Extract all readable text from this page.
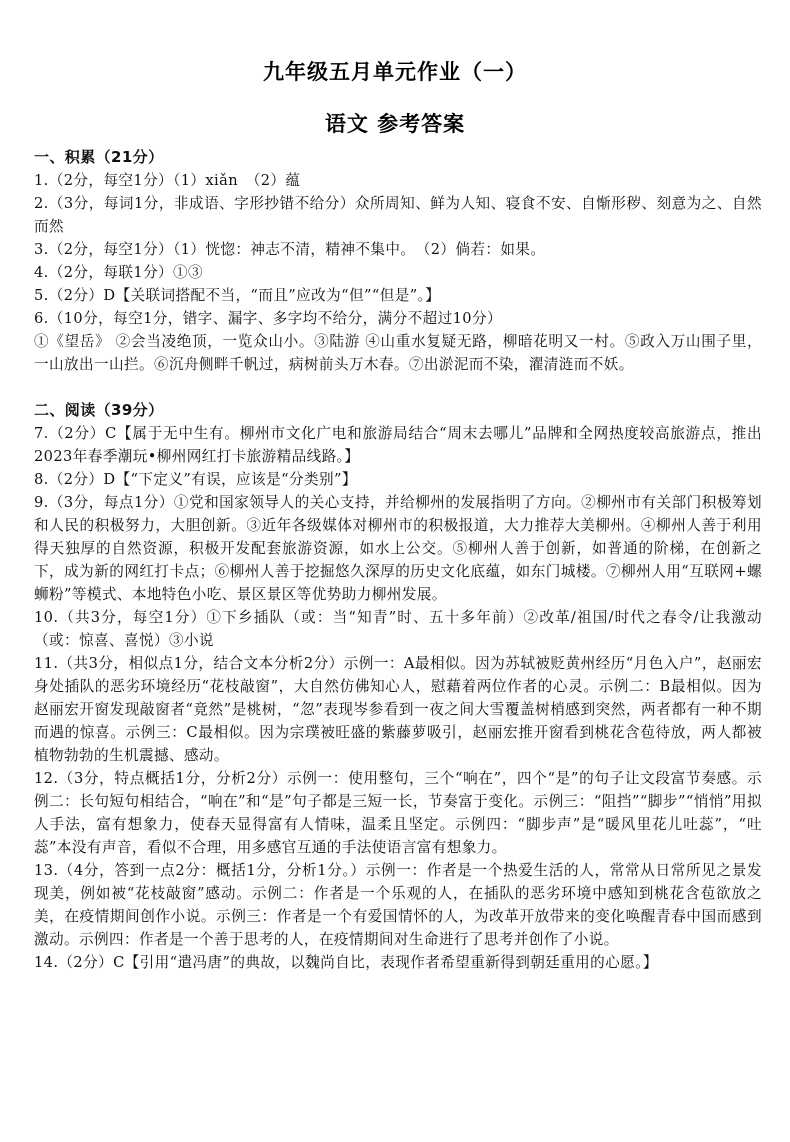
九年级五月单元作业（一）
语文 参考答案

一、积累（21分）

1.（2分，每空1分）（1）xiǎn　（2）蕴

2.（3分，每词1分，非成语、字形抄错不给分）众所周知、鲜为人知、寝食不安、自惭形秽、刻意为之、自然而然

3.（2分，每空1分）（1）恍惚：神志不清，精神不集中。　（2）倘若：如果。

4.（2分，每联1分）①③

5.（2分）D【关联词搭配不当，“而且”应改为“但”“但是”。】

6.（10分，每空1分，错字、漏字、多字均不给分，满分不超过10分）

①《望岳》 ②会当凌绝顶，一览众山小。③陆游 ④山重水复疑无路，柳暗花明又一村。⑤政入万山围子里，一山放出一山拦。⑥沉舟侧畔千帆过，病树前头万木春。⑦出淤泥而不染，濯清涟而不妖。

二、阅读（39分）

7.（2分）C【属于无中生有。柳州市文化广电和旅游局结合“周末去哪儿”品牌和全网热度较高旅游点，推出2023年春季潮玩•柳州网红打卡旅游精品线路。】

8.（2分）D【“下定义”有误，应该是“分类别”】

9.（3分，每点1分）①党和国家领导人的关心支持，并给柳州的发展指明了方向。②柳州市有关部门积极筹划和人民的积极努力，大胆创新。③近年各级媒体对柳州市的积极报道，大力推荐大美柳州。④柳州人善于利用得天独厚的自然资源，积极开发配套旅游资源，如水上公交。⑤柳州人善于创新，如普通的阶梯，在创新之下，成为新的网红打卡点；⑥柳州人善于挖掘悠久深厚的历史文化底蕴，如东门城楼。⑦柳州人用“互联网+螺蛳粉”等模式、本地特色小吃、景区景区等优势助力柳州发展。

10.（共3分，每空1分）①下乡插队（或：当“知青”时、五十多年前）②改革/祖国/时代之春令/让我激动（或：惊喜、喜悦）③小说

11.（共3分，相似点1分，结合文本分析2分）示例一：A最相似。因为苏轼被贬黄州经历“月色入户”，赵丽宏身处插队的恶劣环境经历“花枝敲窗”，大自然仿佛知心人，慰藉着两位作者的心灵。示例二：B最相似。因为赵丽宏开窗发现敲窗者“竟然”是桃树，“忽”表现岑参看到一夜之间大雪覆盖树梢感到突然，两者都有一种不期而遇的惊喜。示例三：C最相似。因为宗璞被旺盛的紫藤萝吸引，赵丽宏推开窗看到桃花含苞待放，两人都被植物勃勃的生机震撼、感动。

12.（3分，特点概括1分，分析2分）示例一：使用整句，三个“响在”，四个“是”的句子让文段富节奏感。示例二：长句短句相结合，“响在”和“是”句子都是三短一长，节奏富于变化。示例三：“阻挡”“脚步”“悄悄”用拟人手法，富有想象力，使春天显得富有人情味，温柔且坚定。示例四：“脚步声”是“暖风里花儿吐蕊”，“吐蕊”本没有声音，看似不合理，用多感官互通的手法使语言富有想象力。

13.（4分，答到一点2分：概括1分，分析1分。）示例一：作者是一个热爱生活的人，常常从日常所见之景发现美，例如被“花枝敲窗”感动。示例二：作者是一个乐观的人，在插队的恶劣环境中感知到桃花含苞欲放之美，在疫情期间创作小说。示例三：作者是一个有爱国情怀的人，为改革开放带来的变化唤醒青春中国而感到激动。示例四：作者是一个善于思考的人，在疫情期间对生命进行了思考并创作了小说。

14.（2分）C【引用“遣冯唐”的典故，以魏尚自比，表现作者希望重新得到朝廷重用的心愿。】
